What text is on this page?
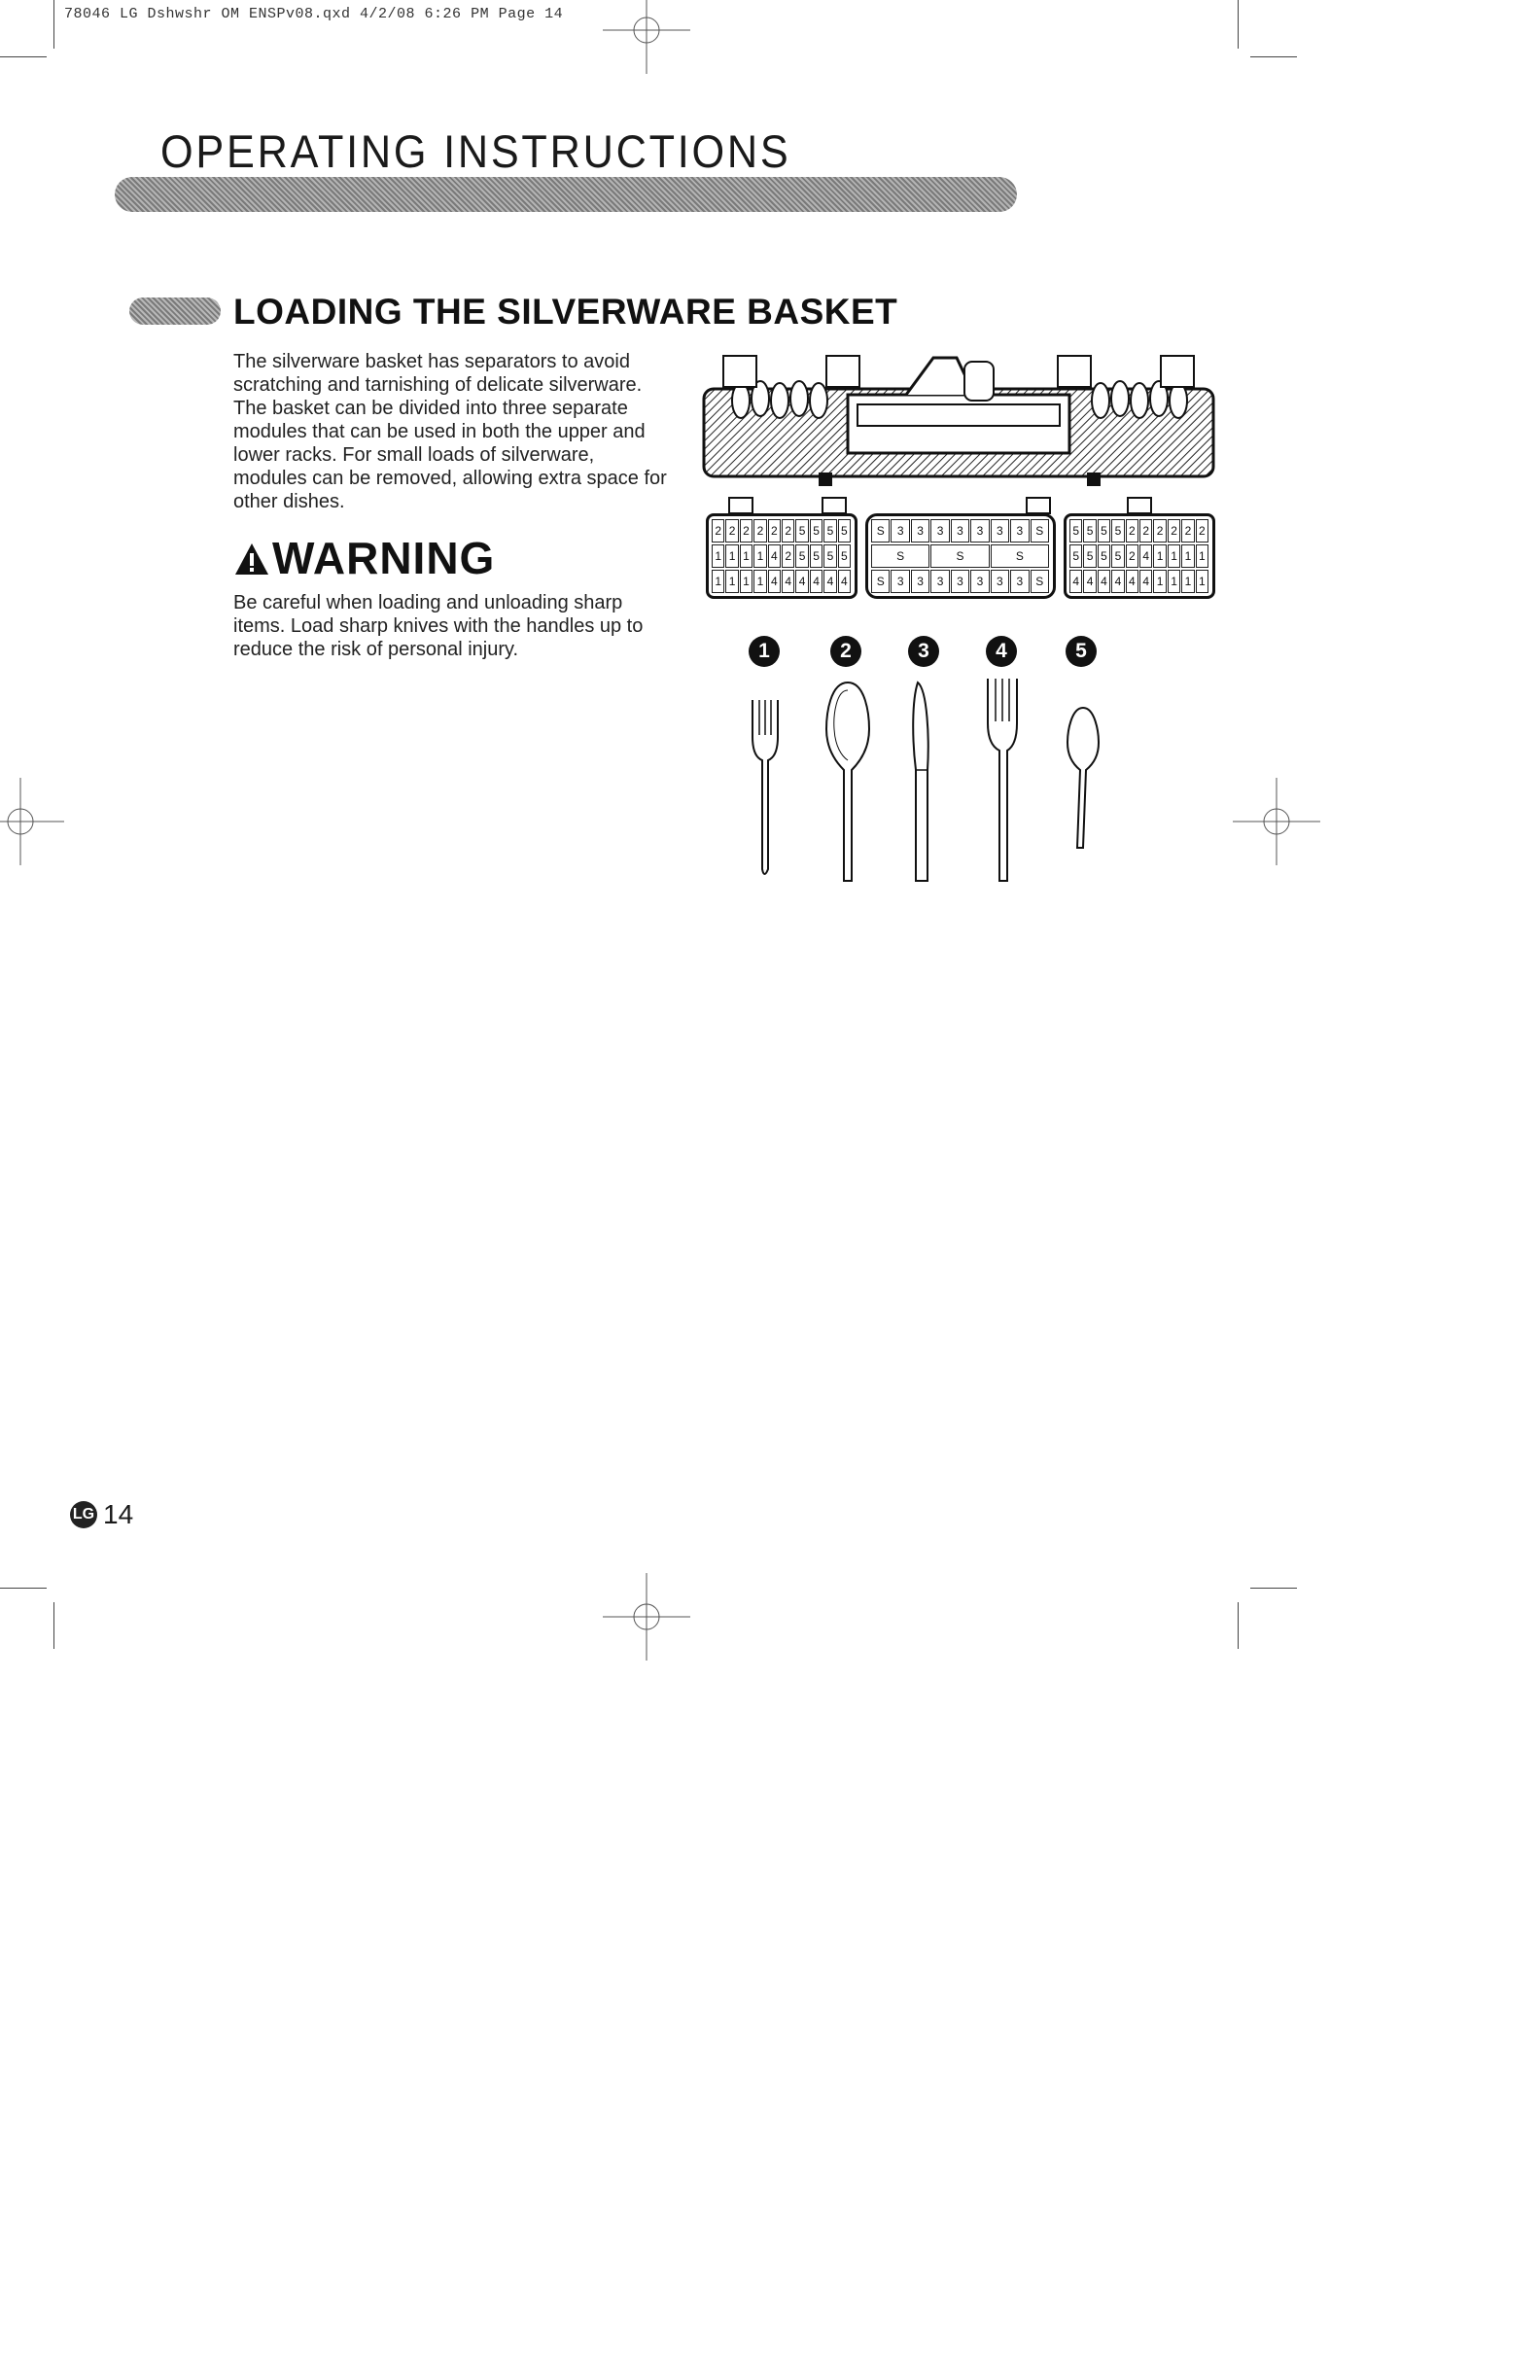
78046 LG Dshwshr OM ENSPv08.qxd 4/2/08 6:26 PM Page 14
OPERATING INSTRUCTIONS
LOADING THE SILVERWARE BASKET
The silverware basket has separators to avoid scratching and tarnishing of delicate silverware. The basket can be divided into three separate modules that can be used in both the upper and lower racks. For small loads of silverware, modules can be removed, allowing extra space for other dishes.
WARNING
Be careful when loading and unloading sharp items. Load sharp knives with the handles up to reduce the risk of personal injury.
2 2 2 2 2 2 5 5 5 5
1 1 1 1 4 2 5 5 5 5
1 1 1 1 4 4 4 4 4 4
S	3	3	3	3	3	3	3	S
S	S	S
S	3	3	3	3	3	3	3	S
5 5 5 5 2 2 2 2 2 2
5 5 5 5 2 4 1 1 1 1
4 4 4 4 4 4 1 1 1 1
1	2	3	4	5
LG 14
